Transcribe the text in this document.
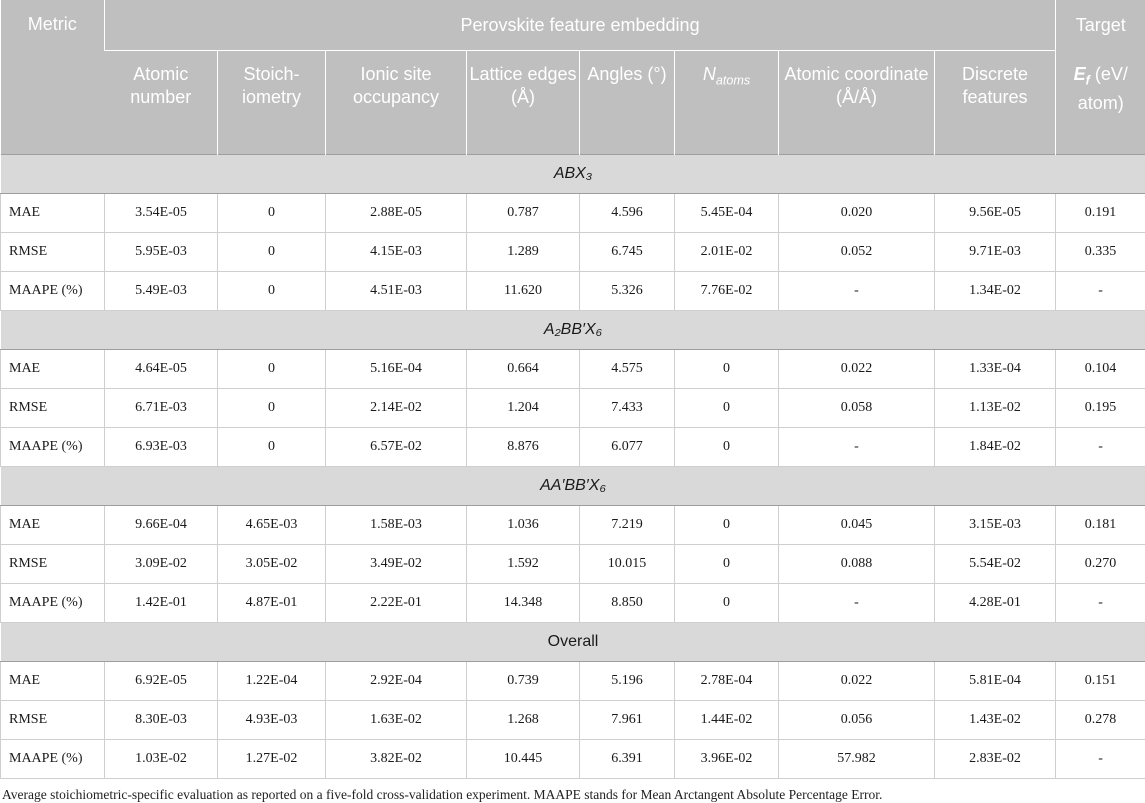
Metric	Perovskite feature embedding								Target
	Atomic number	Stoich-iometry	Ionic site occupancy	Lattice edges (Å)	Angles (°)	$N_{atoms}$	Atomic coordinate (Å/Å)	Discrete features	$E_f$ (eV/ atom)
ABX₃									
MAE	3.54E-05	0	2.88E-05	0.787	4.596	5.45E-04	0.020	9.56E-05	0.191
RMSE	5.95E-03	0	4.15E-03	1.289	6.745	2.01E-02	0.052	9.71E-03	0.335
MAAPE (%)	5.49E-03	0	4.51E-03	11.620	5.326	7.76E-02	-	1.34E-02	-
A₂BB′X₆									
MAE	4.64E-05	0	5.16E-04	0.664	4.575	0	0.022	1.33E-04	0.104
RMSE	6.71E-03	0	2.14E-02	1.204	7.433	0	0.058	1.13E-02	0.195
MAAPE (%)	6.93E-03	0	6.57E-02	8.876	6.077	0	-	1.84E-02	-
AA′BB′X₆									
MAE	9.66E-04	4.65E-03	1.58E-03	1.036	7.219	0	0.045	3.15E-03	0.181
RMSE	3.09E-02	3.05E-02	3.49E-02	1.592	10.015	0	0.088	5.54E-02	0.270
MAAPE (%)	1.42E-01	4.87E-01	2.22E-01	14.348	8.850	0	-	4.28E-01	-
Overall									
MAE	6.92E-05	1.22E-04	2.92E-04	0.739	5.196	2.78E-04	0.022	5.81E-04	0.151
RMSE	8.30E-03	4.93E-03	1.63E-02	1.268	7.961	1.44E-02	0.056	1.43E-02	0.278
MAAPE (%)	1.03E-02	1.27E-02	3.82E-02	10.445	6.391	3.96E-02	57.982	2.83E-02	-
Average stoichiometric-specific evaluation as reported on a five-fold cross-validation experiment. MAAPE stands for Mean Arctangent Absolute Percentage Error.
